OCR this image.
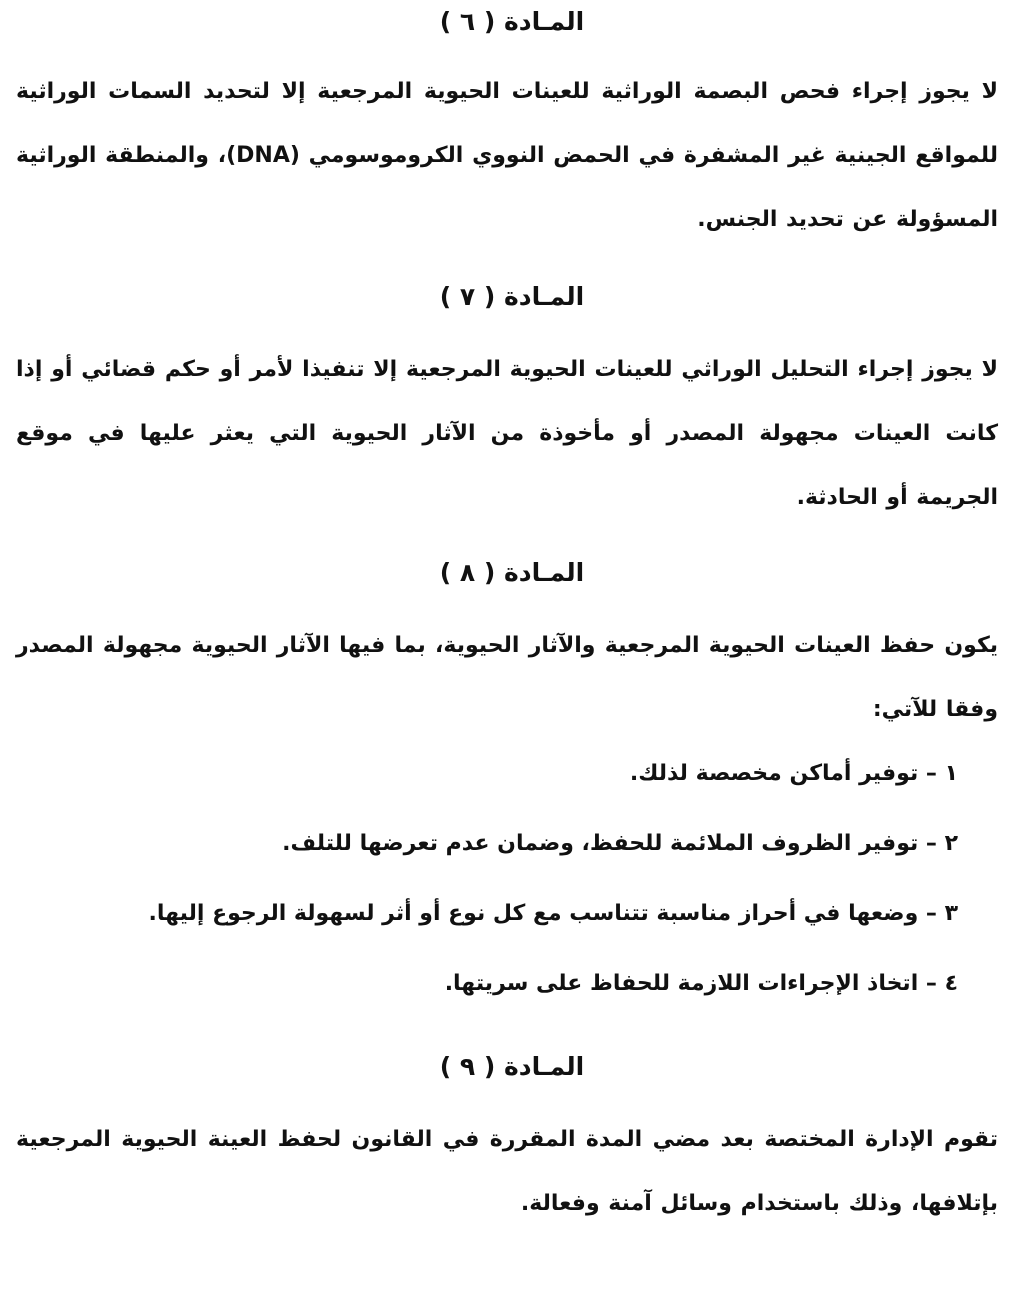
المـادة ( ٦ )
لا يجوز إجراء فحص البصمة الوراثية للعينات الحيوية المرجعية إلا لتحديد السمات الوراثية للمواقع الجينية غير المشفرة في الحمض النووي الكروموسومي (DNA)، والمنطقة الوراثية المسؤولة عن تحديد الجنس.
المـادة ( ٧ )
لا يجوز إجراء التحليل الوراثي للعينات الحيوية المرجعية إلا تنفيذا لأمر أو حكم قضائي أو إذا كانت العينات مجهولة المصدر أو مأخوذة من الآثار الحيوية التي يعثر عليها في موقع الجريمة أو الحادثة.
المـادة ( ٨ )
يكون حفظ العينات الحيوية المرجعية والآثار الحيوية، بما فيها الآثار الحيوية مجهولة المصدر وفقا للآتي:
١ – توفير أماكن مخصصة لذلك.
٢ – توفير الظروف الملائمة للحفظ، وضمان عدم تعرضها للتلف.
٣ – وضعها في أحراز مناسبة تتناسب مع كل نوع أو أثر لسهولة الرجوع إليها.
٤ – اتخاذ الإجراءات اللازمة للحفاظ على سريتها.
المـادة ( ٩ )
تقوم الإدارة المختصة بعد مضي المدة المقررة في القانون لحفظ العينة الحيوية المرجعية بإتلافها، وذلك باستخدام وسائل آمنة وفعالة.
